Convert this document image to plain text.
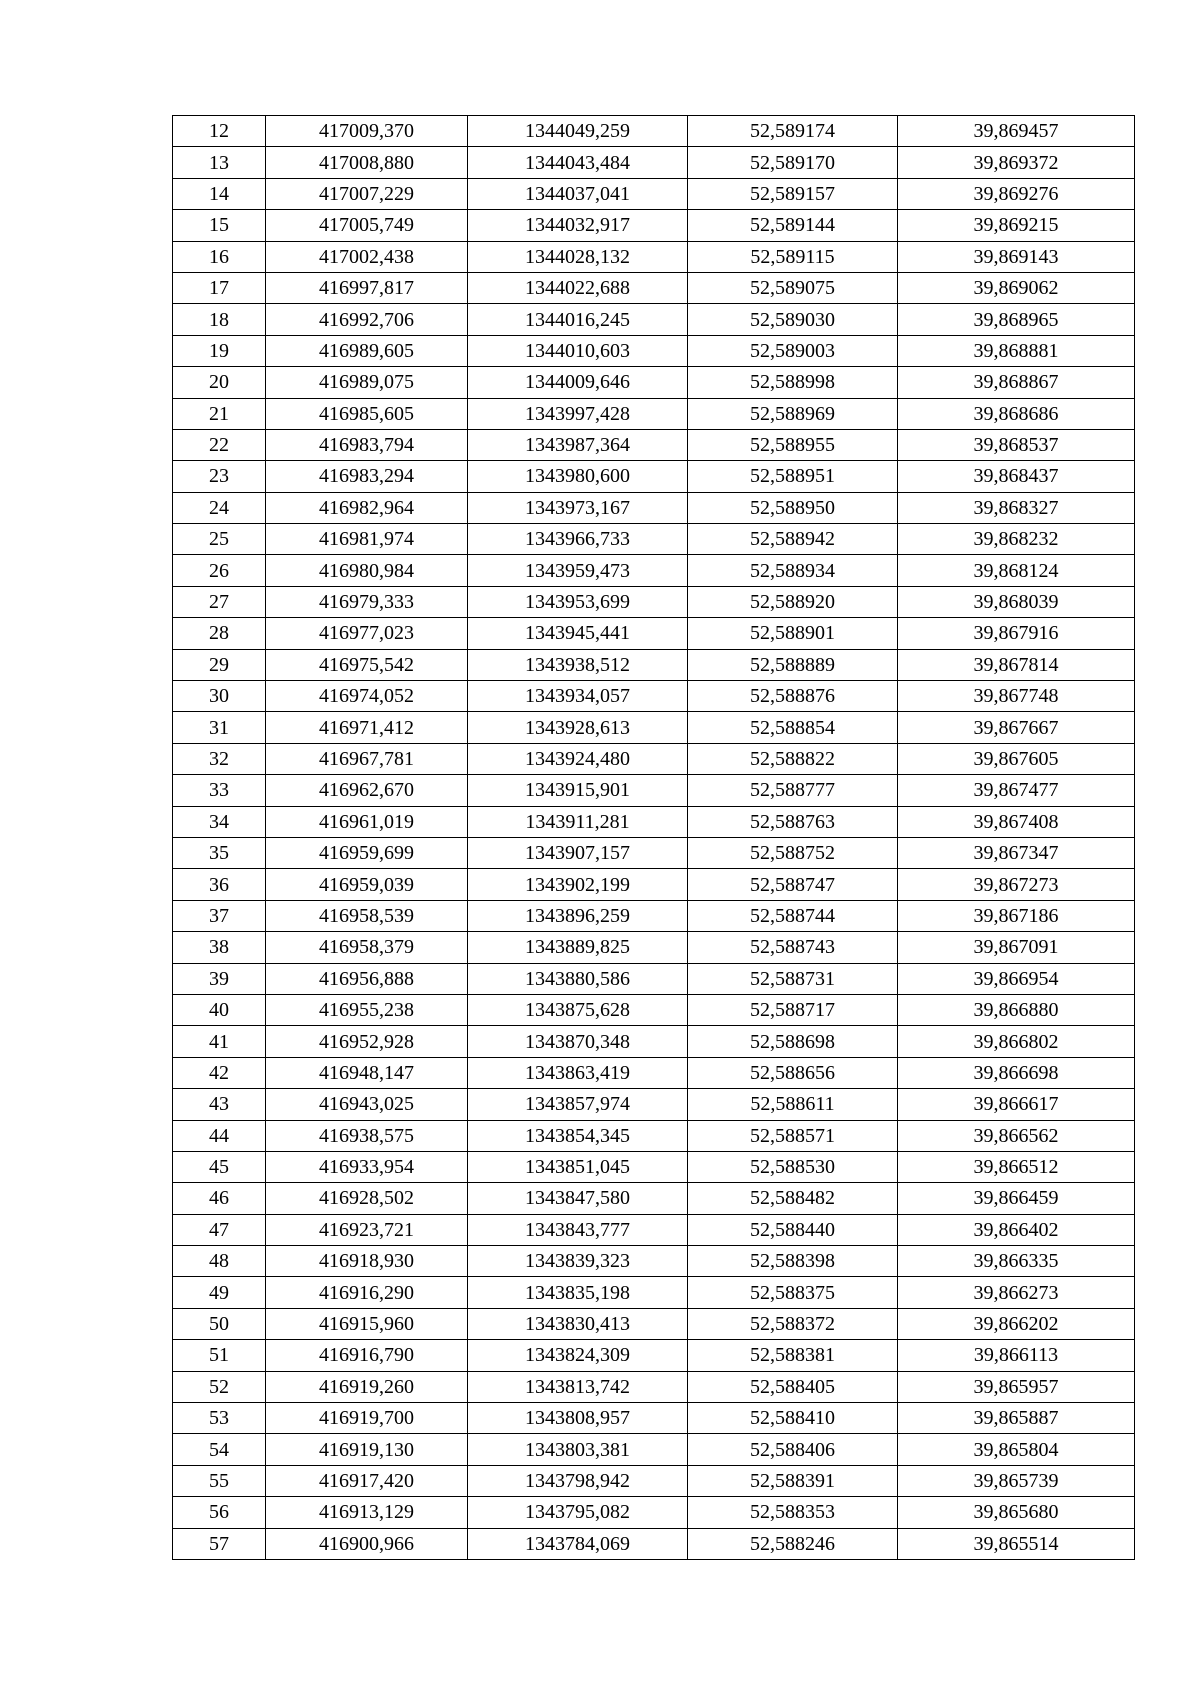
12	417009,370	1344049,259	52,589174	39,869457
13	417008,880	1344043,484	52,589170	39,869372
14	417007,229	1344037,041	52,589157	39,869276
15	417005,749	1344032,917	52,589144	39,869215
16	417002,438	1344028,132	52,589115	39,869143
17	416997,817	1344022,688	52,589075	39,869062
18	416992,706	1344016,245	52,589030	39,868965
19	416989,605	1344010,603	52,589003	39,868881
20	416989,075	1344009,646	52,588998	39,868867
21	416985,605	1343997,428	52,588969	39,868686
22	416983,794	1343987,364	52,588955	39,868537
23	416983,294	1343980,600	52,588951	39,868437
24	416982,964	1343973,167	52,588950	39,868327
25	416981,974	1343966,733	52,588942	39,868232
26	416980,984	1343959,473	52,588934	39,868124
27	416979,333	1343953,699	52,588920	39,868039
28	416977,023	1343945,441	52,588901	39,867916
29	416975,542	1343938,512	52,588889	39,867814
30	416974,052	1343934,057	52,588876	39,867748
31	416971,412	1343928,613	52,588854	39,867667
32	416967,781	1343924,480	52,588822	39,867605
33	416962,670	1343915,901	52,588777	39,867477
34	416961,019	1343911,281	52,588763	39,867408
35	416959,699	1343907,157	52,588752	39,867347
36	416959,039	1343902,199	52,588747	39,867273
37	416958,539	1343896,259	52,588744	39,867186
38	416958,379	1343889,825	52,588743	39,867091
39	416956,888	1343880,586	52,588731	39,866954
40	416955,238	1343875,628	52,588717	39,866880
41	416952,928	1343870,348	52,588698	39,866802
42	416948,147	1343863,419	52,588656	39,866698
43	416943,025	1343857,974	52,588611	39,866617
44	416938,575	1343854,345	52,588571	39,866562
45	416933,954	1343851,045	52,588530	39,866512
46	416928,502	1343847,580	52,588482	39,866459
47	416923,721	1343843,777	52,588440	39,866402
48	416918,930	1343839,323	52,588398	39,866335
49	416916,290	1343835,198	52,588375	39,866273
50	416915,960	1343830,413	52,588372	39,866202
51	416916,790	1343824,309	52,588381	39,866113
52	416919,260	1343813,742	52,588405	39,865957
53	416919,700	1343808,957	52,588410	39,865887
54	416919,130	1343803,381	52,588406	39,865804
55	416917,420	1343798,942	52,588391	39,865739
56	416913,129	1343795,082	52,588353	39,865680
57	416900,966	1343784,069	52,588246	39,865514
